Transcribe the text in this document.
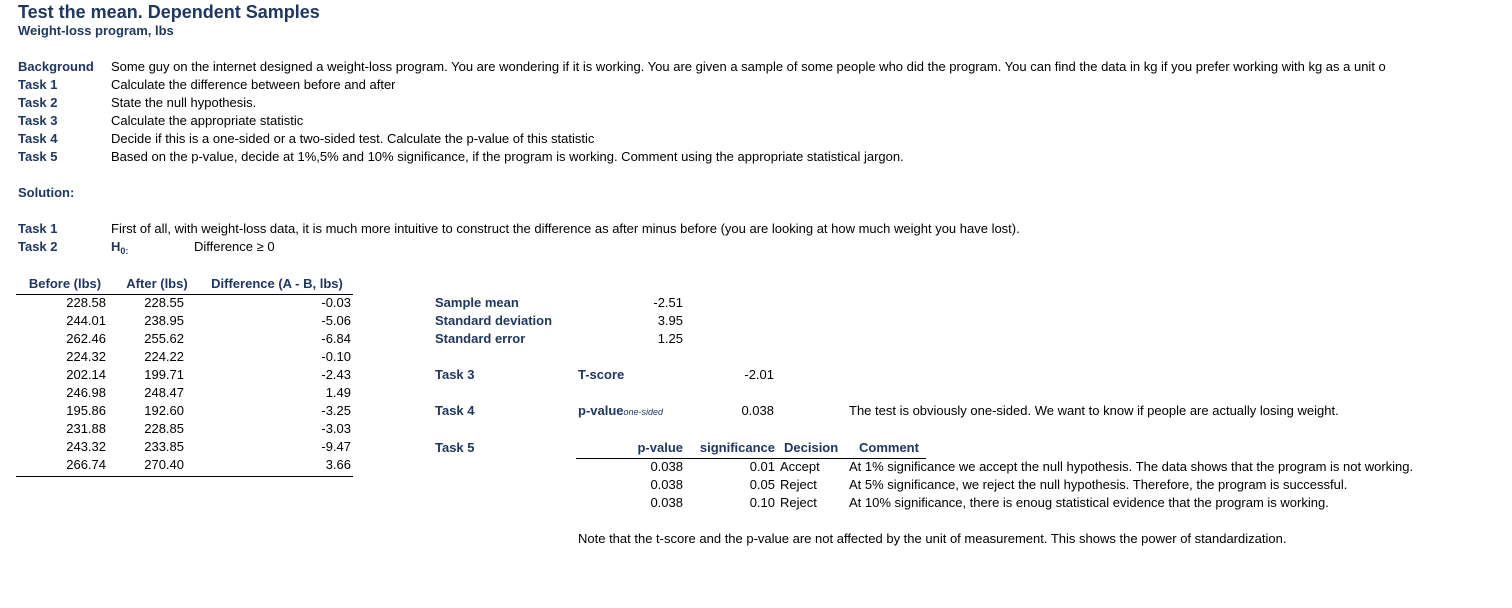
Test the mean. Dependent Samples
Weight-loss program, lbs
Background Some guy on the internet designed a weight-loss program. You are wondering if it is working. You are given a sample of some people who did the program. You can find the data in kg if you prefer working with kg as a unit o
Task 1	Calculate the difference between before and after
Task 2	State the null hypothesis.
Task 3	Calculate the appropriate statistic
Task 4	Decide if this is a one-sided or a two-sided test. Calculate the p-value of this statistic
Task 5	Based on the p-value, decide at 1%,5% and 10% significance, if the program is working. Comment using the appropriate statistical jargon.
Solution:
Task 1	First of all, with weight-loss data, it is much more intuitive to construct the difference as after minus before (you are looking at how much weight you have lost).
Task 2	$H_{0:}$	Difference ≥ 0
Before (lbs)	After (lbs)	Difference (A - B, lbs)
228.58	228.55	-0.03
244.01	238.95	-5.06
262.46	255.62	-6.84
224.32	224.22	-0.10
202.14	199.71	-2.43
246.98	248.47	1.49
195.86	192.60	-3.25
231.88	228.85	-3.03
243.32	233.85	-9.47
266.74	270.40	3.66
Sample mean	-2.51
Standard deviation	3.95
Standard error	1.25
Task 3	T-score	-2.01
Task 4	p-valueone-sided	0.038	The test is obviously one-sided. We want to know if people are actually losing weight.
Task 5	p-value	significance Decision Comment
0.038	0.01 Accept At 1% significance we accept the null hypothesis. The data shows that the program is not working.
0.038	0.05 Reject At 5% significance, we reject the null hypothesis. Therefore, the program is successful.
0.038	0.10 Reject At 10% significance, there is enoug statistical evidence that the program is working.
Note that the t-score and the p-value are not affected by the unit of measurement. This shows the power of standardization.
